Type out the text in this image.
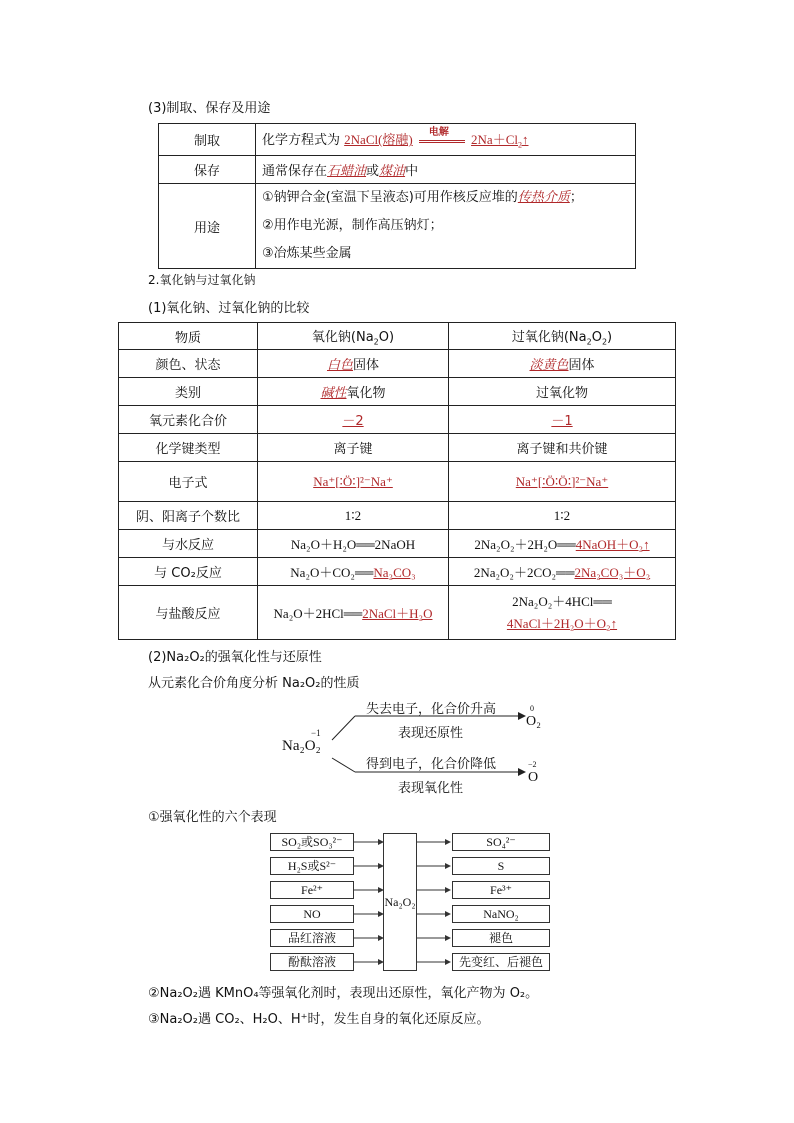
(3)制取、保存及用途
制取	化学方程式为 2NaCl(熔融) 电解 $2Na+Cl_2↑$
保存	通常保存在石蜡油或煤油中
用途	①钠钾合金(室温下呈液态)可用作核反应堆的传热介质；
②用作电光源，制作高压钠灯；
③冶炼某些金属
2.氧化钠与过氧化钠
(1)氧化钠、过氧化钠的比较
物质	氧化钠$(Na_2O)$	过氧化钠$(Na_2O_2)$
颜色、状态	白色固体	淡黄色固体
类别	碱性氧化物	过氧化物
氧元素化合价	－2	－1
化学键类型	离子键	离子键和共价键
电子式	Na⁺[∶Ö∶]²⁻Na⁺	Na⁺[∶Ö∶Ö∶]²⁻Na⁺
阴、阳离子个数比	1∶2	1∶2
与水反应	Na₂O＋H₂O══2NaOH	2Na₂O₂＋2H₂O══4NaOH＋O₂↑
与 CO₂反应	Na₂O＋CO₂══Na₂CO₃	2Na₂O₂＋2CO₂══2Na₂CO₃＋O₂
与盐酸反应	Na₂O＋2HCl══2NaCl＋H₂O	2Na₂O₂＋4HCl══
4NaCl＋2H₂O＋O₂↑
(2)Na₂O₂的强氧化性与还原性
从元素化合价角度分析 Na₂O₂的性质
−1
Na₂O₂
失去电子，化合价升高
表现还原性
0
O₂
得到电子，化合价降低
表现氧化性
−2
O
①强氧化性的六个表现
SO₂或SO₃²⁻
H₂S或S²⁻
Fe²⁺
NO
品红溶液
酚酞溶液
Na₂O₂
SO₄²⁻
S
Fe³⁺
NaNO₂
褪色
先变红、后褪色
②Na₂O₂遇 KMnO₄等强氧化剂时，表现出还原性，氧化产物为 O₂。
③Na₂O₂遇 CO₂、H₂O、H⁺时，发生自身的氧化还原反应。
